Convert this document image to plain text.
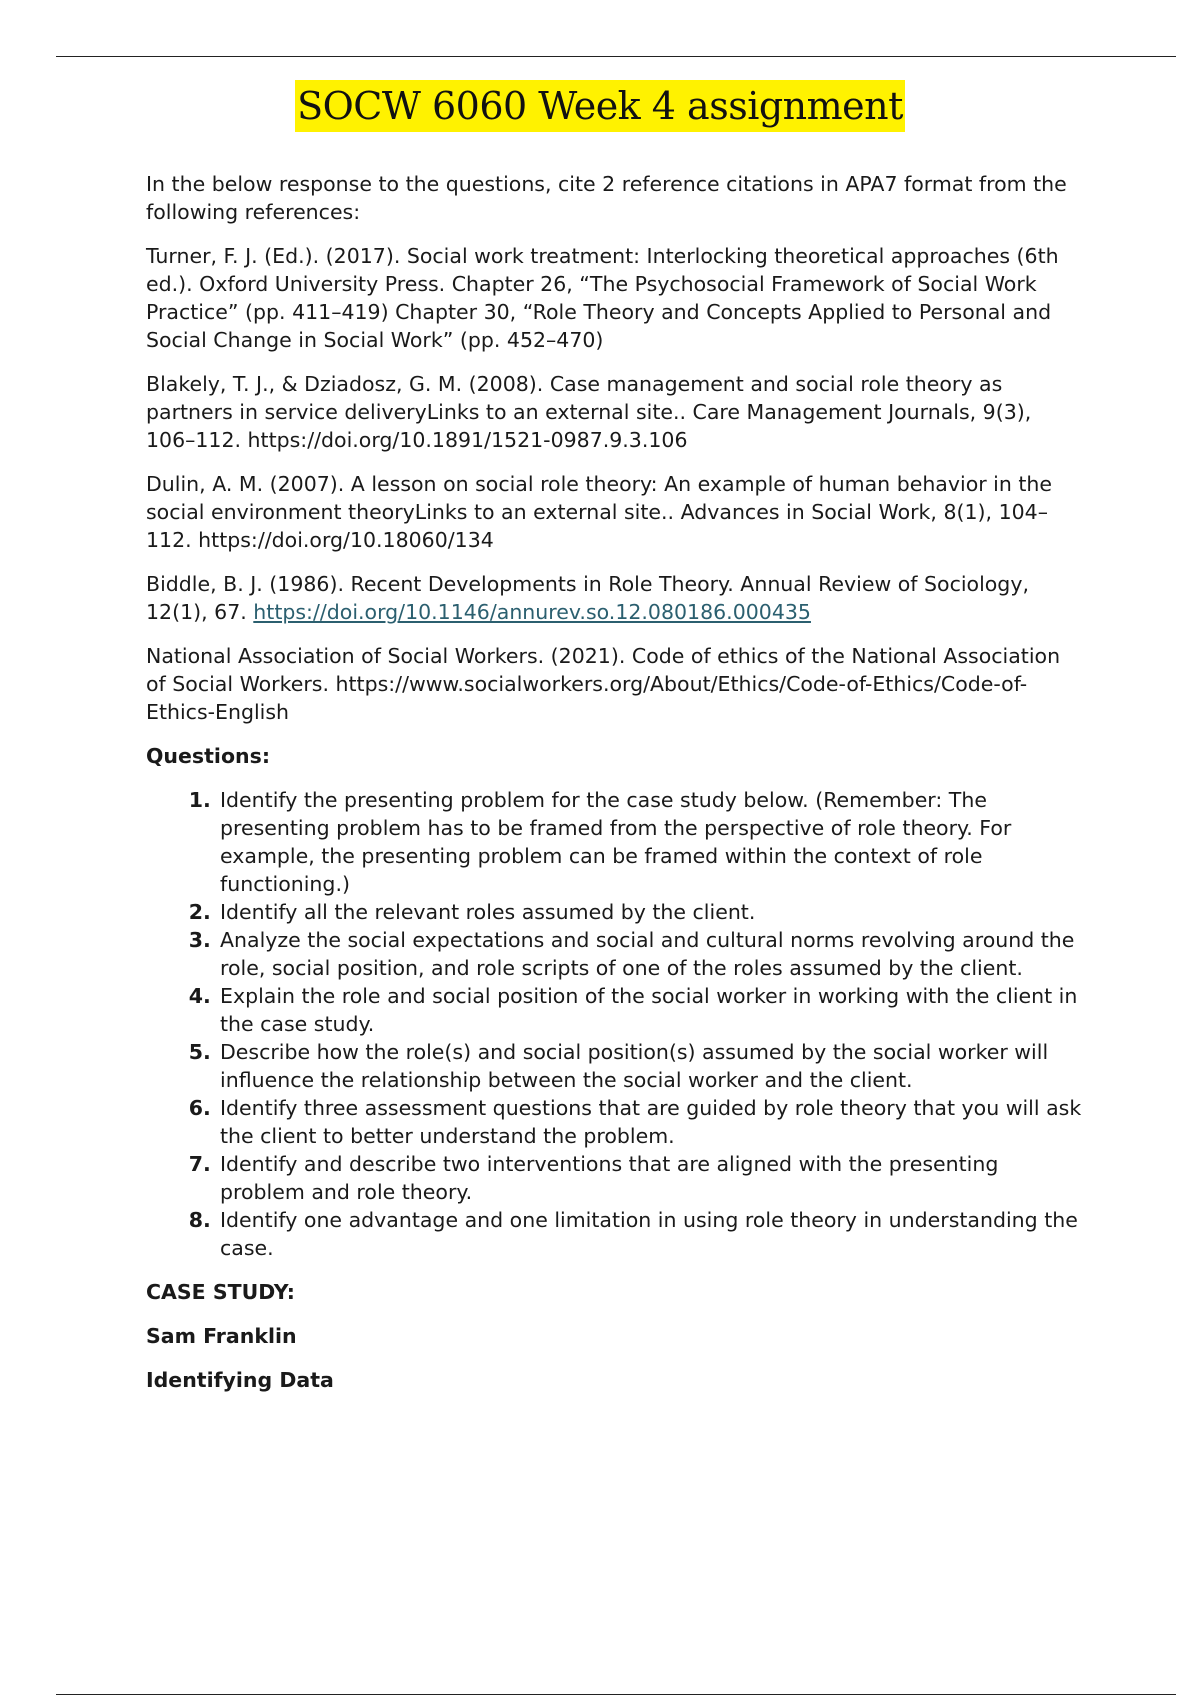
SOCW 6060 Week 4 assignment

In the below response to the questions, cite 2 reference citations in APA7 format from the following references:

Turner, F. J. (Ed.). (2017). Social work treatment: Interlocking theoretical approaches (6th ed.). Oxford University Press. Chapter 26, “The Psychosocial Framework of Social Work Practice” (pp. 411–419) Chapter 30, “Role Theory and Concepts Applied to Personal and Social Change in Social Work” (pp. 452–470)

Blakely, T. J., & Dziadosz, G. M. (2008). Case management and social role theory as partners in service deliveryLinks to an external site.. Care Management Journals, 9(3), 106–112. https://doi.org/10.1891/1521-0987.9.3.106

Dulin, A. M. (2007). A lesson on social role theory: An example of human behavior in the social environment theoryLinks to an external site.. Advances in Social Work, 8(1), 104–112. https://doi.org/10.18060/134

Biddle, B. J. (1986). Recent Developments in Role Theory. Annual Review of Sociology, 12(1), 67. https://doi.org/10.1146/annurev.so.12.080186.000435

National Association of Social Workers. (2021). Code of ethics of the National Association of Social Workers. https://www.socialworkers.org/About/Ethics/Code-of-Ethics/Code-of-Ethics-English

Questions:

1. Identify the presenting problem for the case study below. (Remember: The presenting problem has to be framed from the perspective of role theory. For example, the presenting problem can be framed within the context of role functioning.)
2. Identify all the relevant roles assumed by the client.
3. Analyze the social expectations and social and cultural norms revolving around the role, social position, and role scripts of one of the roles assumed by the client.
4. Explain the role and social position of the social worker in working with the client in the case study.
5. Describe how the role(s) and social position(s) assumed by the social worker will influence the relationship between the social worker and the client.
6. Identify three assessment questions that are guided by role theory that you will ask the client to better understand the problem.
7. Identify and describe two interventions that are aligned with the presenting problem and role theory.
8. Identify one advantage and one limitation in using role theory in understanding the case.

CASE STUDY:

Sam Franklin

Identifying Data
